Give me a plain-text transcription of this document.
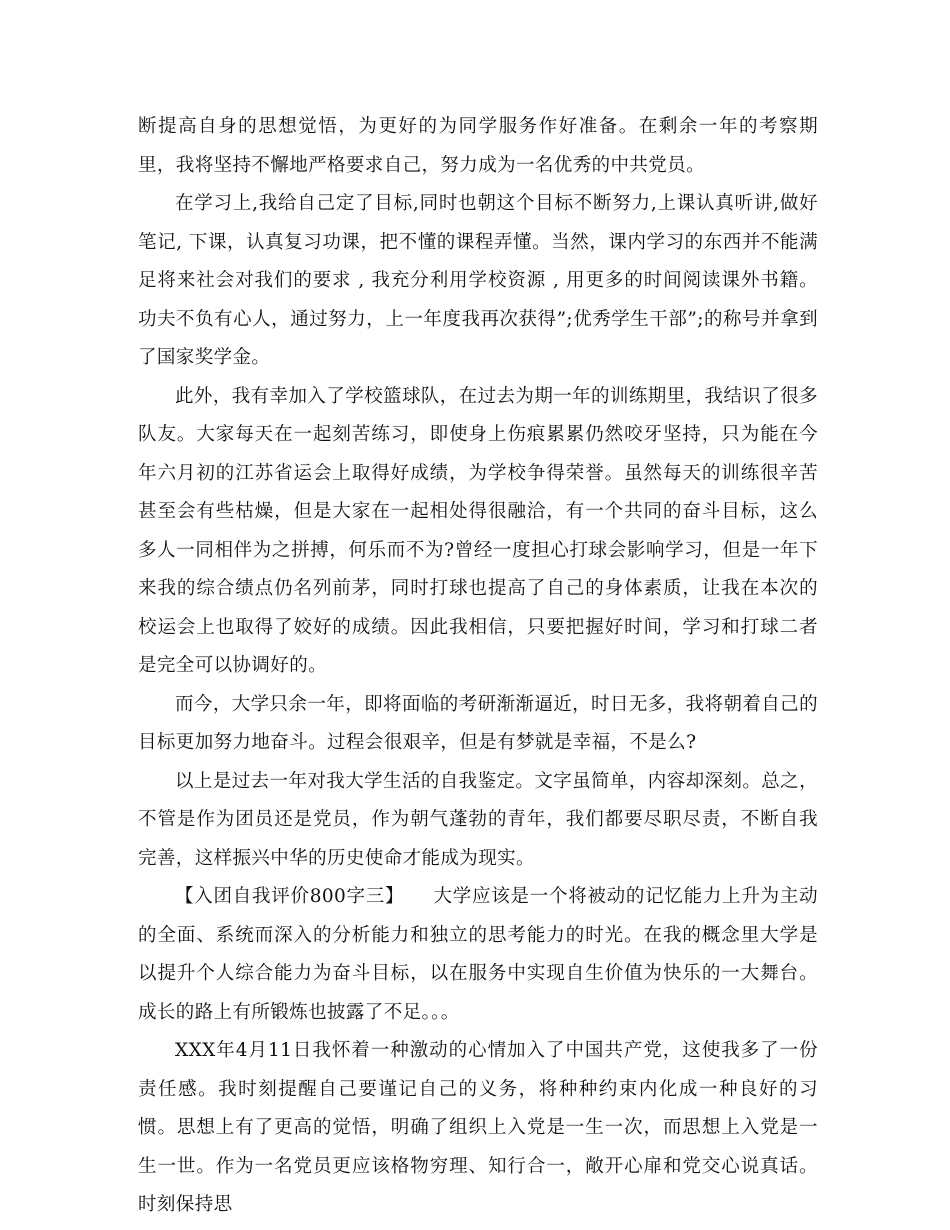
断提高自身的思想觉悟，为更好的为同学服务作好准备。在剩余一年的考察期里，我将坚持不懈地严格要求自己，努力成为一名优秀的中共党员。

在学习上,我给自己定了目标,同时也朝这个目标不断努力,上课认真听讲,做好笔记, 下课，认真复习功课，把不懂的课程弄懂。当然，课内学习的东西并不能满足将来社会对我们的要求 , 我充分利用学校资源 , 用更多的时间阅读课外书籍。功夫不负有心人，通过努力，上一年度我再次获得”;优秀学生干部”;的称号并拿到了国家奖学金。

此外，我有幸加入了学校篮球队，在过去为期一年的训练期里，我结识了很多队友。大家每天在一起刻苦练习，即使身上伤痕累累仍然咬牙坚持，只为能在今年六月初的江苏省运会上取得好成绩，为学校争得荣誉。虽然每天的训练很辛苦甚至会有些枯燥，但是大家在一起相处得很融洽，有一个共同的奋斗目标，这么多人一同相伴为之拼搏，何乐而不为?曾经一度担心打球会影响学习，但是一年下来我的综合绩点仍名列前茅，同时打球也提高了自己的身体素质，让我在本次的校运会上也取得了姣好的成绩。因此我相信，只要把握好时间，学习和打球二者是完全可以协调好的。

而今，大学只余一年，即将面临的考研渐渐逼近，时日无多，我将朝着自己的目标更加努力地奋斗。过程会很艰辛，但是有梦就是幸福，不是么?

以上是过去一年对我大学生活的自我鉴定。文字虽简单，内容却深刻。总之，不管是作为团员还是党员，作为朝气蓬勃的青年，我们都要尽职尽责，不断自我完善，这样振兴中华的历史使命才能成为现实。

【入团自我评价800字三】　　大学应该是一个将被动的记忆能力上升为主动的全面、系统而深入的分析能力和独立的思考能力的时光。在我的概念里大学是以提升个人综合能力为奋斗目标，以在服务中实现自生价值为快乐的一大舞台。成长的路上有所锻炼也披露了不足。。。

XXX年4月11日我怀着一种激动的心情加入了中国共产党，这使我多了一份责任感。我时刻提醒自己要谨记自己的义务，将种种约束内化成一种良好的习惯。思想上有了更高的觉悟，明确了组织上入党是一生一次，而思想上入党是一生一世。作为一名党员更应该格物穷理、知行合一，敞开心扉和党交心说真话。时刻保持思
